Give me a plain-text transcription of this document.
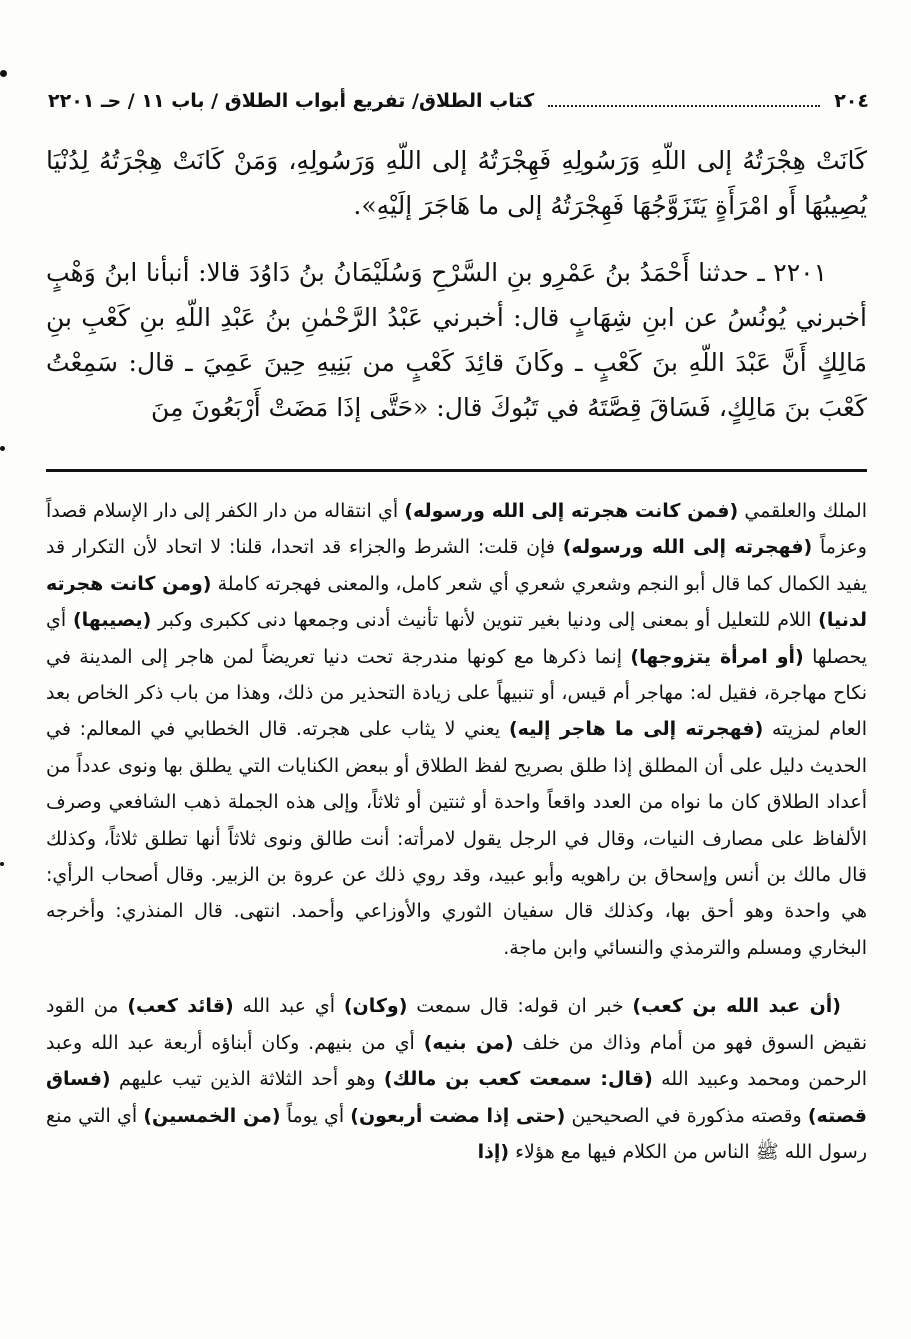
٢٠٤
كتاب الطلاق/ تفريع أبواب الطلاق / باب ١١ / حـ ٢٢٠١

كَانَتْ هِجْرَتُهُ إلى اللّهِ وَرَسُولِهِ فَهِجْرَتُهُ إلى اللّهِ وَرَسُولِهِ، وَمَنْ كَانَتْ هِجْرَتُهُ لِدُنْيَا يُصِيبُهَا أَو امْرَأَةٍ يَتَزَوَّجُهَا فَهِجْرَتُهُ إلى ما هَاجَرَ إلَيْهِ».

٢٢٠١ ـ حدثنا أَحْمَدُ بنُ عَمْرِو بنِ السَّرْحِ وَسُلَيْمَانُ بنُ دَاوُدَ قالا: أنبأنا ابنُ وَهْبٍ أخبرني يُونُسُ عن ابنِ شِهَابٍ قال: أخبرني عَبْدُ الرَّحْمٰنِ بنُ عَبْدِ اللّهِ بنِ كَعْبِ بنِ مَالِكٍ أَنَّ عَبْدَ اللّهِ بنَ كَعْبٍ ـ وكَانَ قائِدَ كَعْبٍ من بَنِيهِ حِينَ عَمِيَ ـ قال: سَمِعْتُ كَعْبَ بنَ مَالِكٍ، فَسَاقَ قِصَّتَهُ في تَبُوكَ قال: «حَتَّى إذَا مَضَتْ أَرْبَعُونَ مِنَ

الملك والعلقمي (فمن كانت هجرته إلى الله ورسوله) أي انتقاله من دار الكفر إلى دار الإسلام قصداً وعزماً (فهجرته إلى الله ورسوله) فإن قلت: الشرط والجزاء قد اتحدا، قلنا: لا اتحاد لأن التكرار قد يفيد الكمال كما قال أبو النجم وشعري شعري أي شعر كامل، والمعنى فهجرته كاملة (ومن كانت هجرته لدنيا) اللام للتعليل أو بمعنى إلى ودنيا بغير تنوين لأنها تأنيث أدنى وجمعها دنى ككبرى وكبر (يصيبها) أي يحصلها (أو امرأة يتزوجها) إنما ذكرها مع كونها مندرجة تحت دنيا تعريضاً لمن هاجر إلى المدينة في نكاح مهاجرة، فقيل له: مهاجر أم قيس، أو تنبيهاً على زيادة التحذير من ذلك، وهذا من باب ذكر الخاص بعد العام لمزيته (فهجرته إلى ما هاجر إليه) يعني لا يثاب على هجرته. قال الخطابي في المعالم: في الحديث دليل على أن المطلق إذا طلق بصريح لفظ الطلاق أو ببعض الكنايات التي يطلق بها ونوى عدداً من أعداد الطلاق كان ما نواه من العدد واقعاً واحدة أو ثنتين أو ثلاثاً، وإلى هذه الجملة ذهب الشافعي وصرف الألفاظ على مصارف النيات، وقال في الرجل يقول لامرأته: أنت طالق ونوى ثلاثاً أنها تطلق ثلاثاً، وكذلك قال مالك بن أنس وإسحاق بن راهويه وأبو عبيد، وقد روي ذلك عن عروة بن الزبير. وقال أصحاب الرأي: هي واحدة وهو أحق بها، وكذلك قال سفيان الثوري والأوزاعي وأحمد. انتهى. قال المنذري: وأخرجه البخاري ومسلم والترمذي والنسائي وابن ماجة.

(أن عبد الله بن كعب) خبر ان قوله: قال سمعت (وكان) أي عبد الله (قائد كعب) من القود نقيض السوق فهو من أمام وذاك من خلف (من بنيه) أي من بنيهم. وكان أبناؤه أربعة عبد الله وعبد الرحمن ومحمد وعبيد الله (قال: سمعت كعب بن مالك) وهو أحد الثلاثة الذين تيب عليهم (فساق قصته) وقصته مذكورة في الصحيحين (حتى إذا مضت أربعون) أي يوماً (من الخمسين) أي التي منع رسول الله ﷺ الناس من الكلام فيها مع هؤلاء (إذا
